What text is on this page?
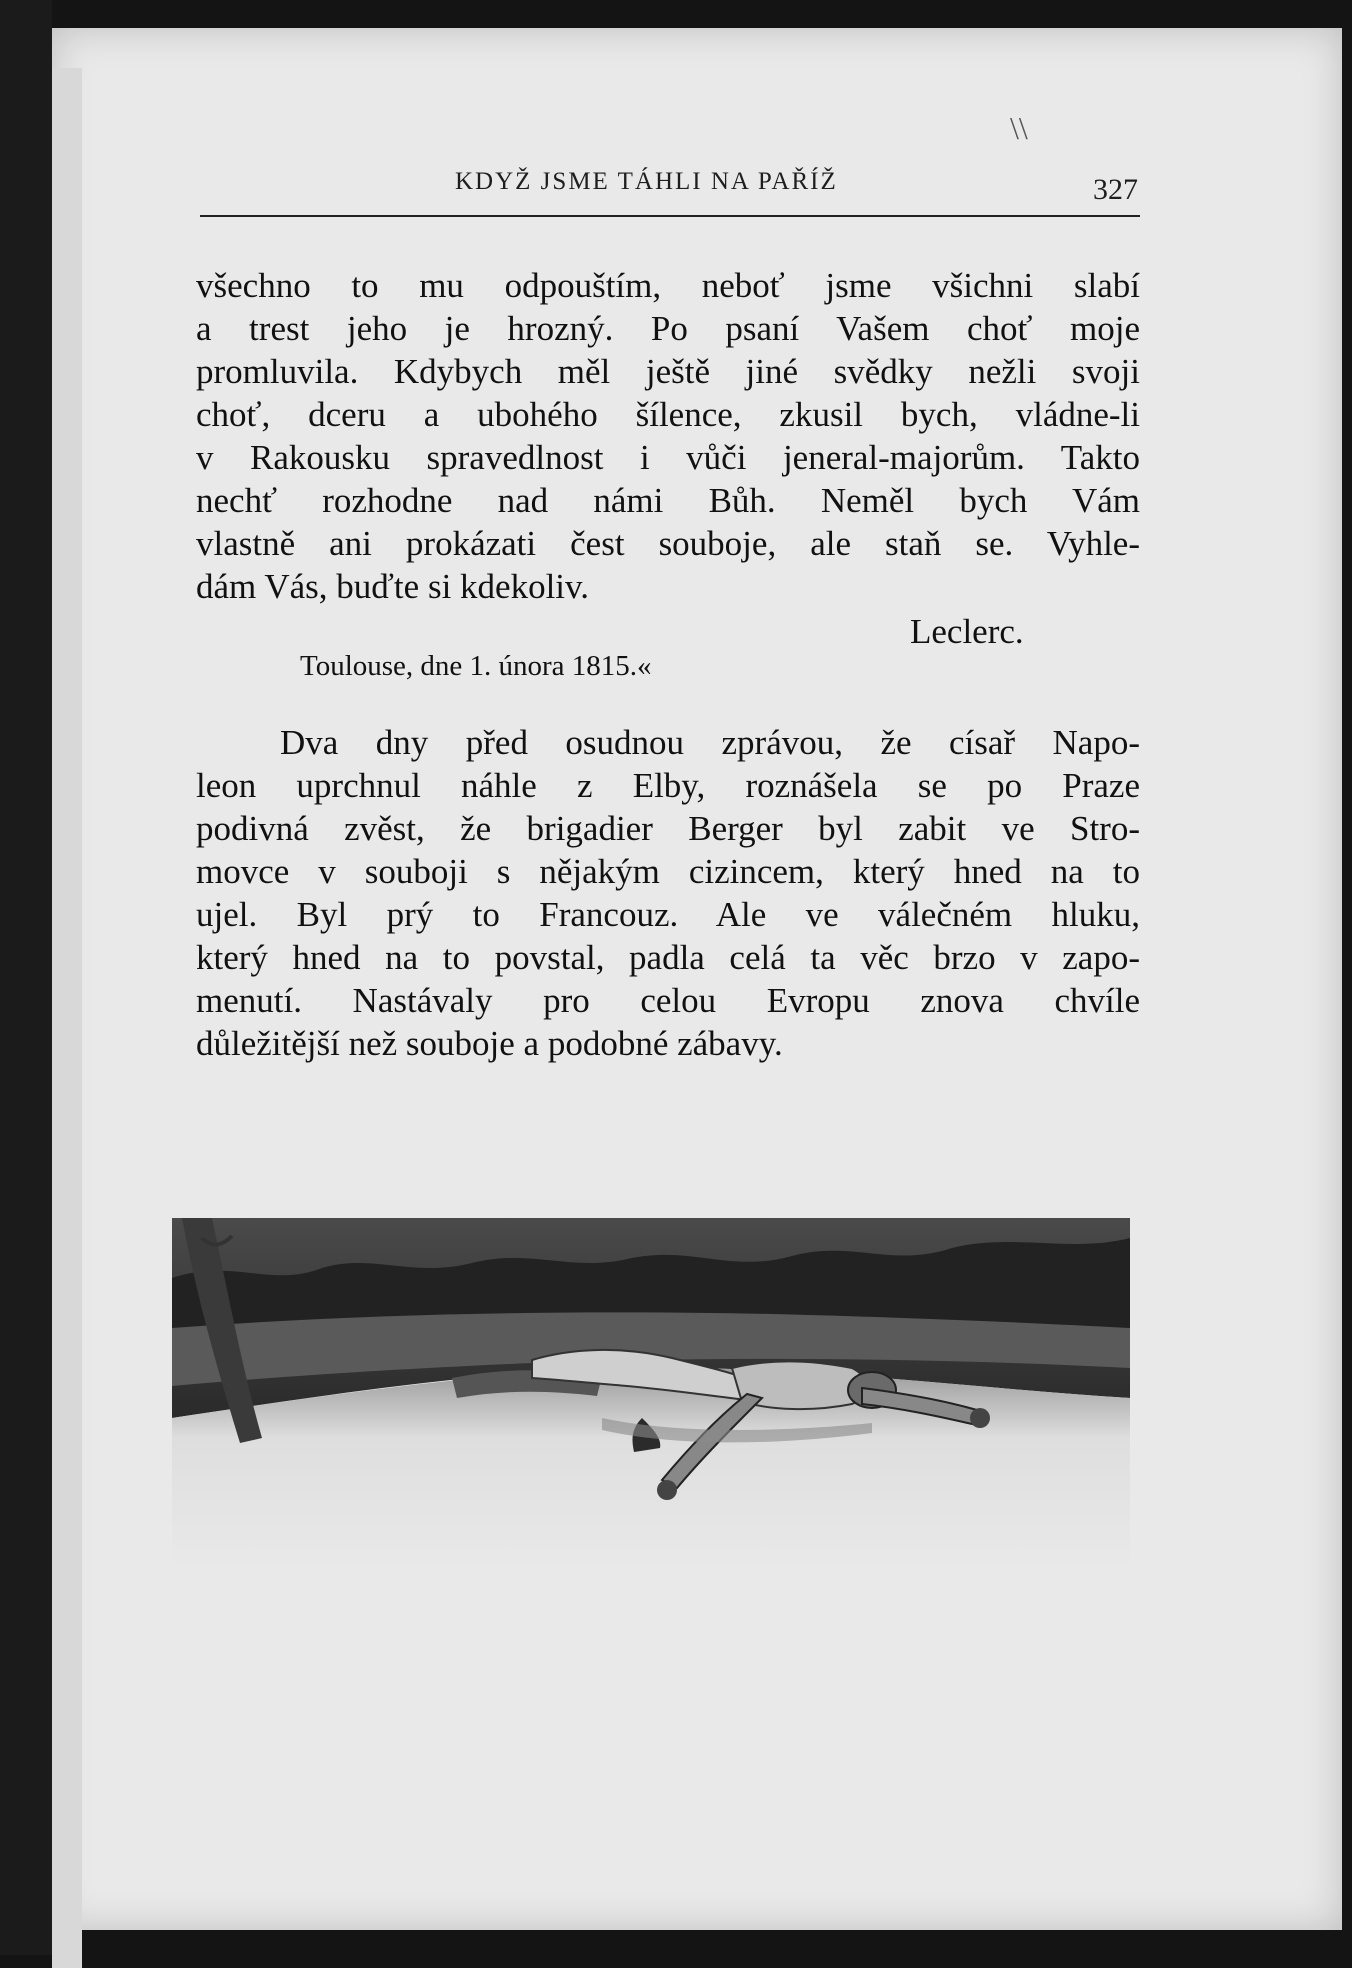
\\
KDYŽ JSME TÁHLI NA PAŘÍŽ	327
všechno to mu odpouštím, neboť jsme všichni slabí
a trest jeho je hrozný. Po psaní Vašem choť moje
promluvila. Kdybych měl ještě jiné svědky nežli svoji
choť, dceru a ubohého šílence, zkusil bych, vládne-li
v Rakousku spravedlnost i vůči jeneral-majorům. Takto
nechť rozhodne nad námi Bůh. Neměl bych Vám
vlastně ani prokázati čest souboje, ale staň se. Vyhle-
dám Vás, buďte si kdekoliv.
Leclerc.
Toulouse, dne 1. února 1815.«
Dva dny před osudnou zprávou, že císař Napo-
leon uprchnul náhle z Elby, roznášela se po Praze
podivná zvěst, že brigadier Berger byl zabit ve Stro-
movce v souboji s nějakým cizincem, který hned na to
ujel. Byl prý to Francouz. Ale ve válečném hluku,
který hned na to povstal, padla celá ta věc brzo v zapo-
menutí. Nastávaly pro celou Evropu znova chvíle
důležitější než souboje a podobné zábavy.
